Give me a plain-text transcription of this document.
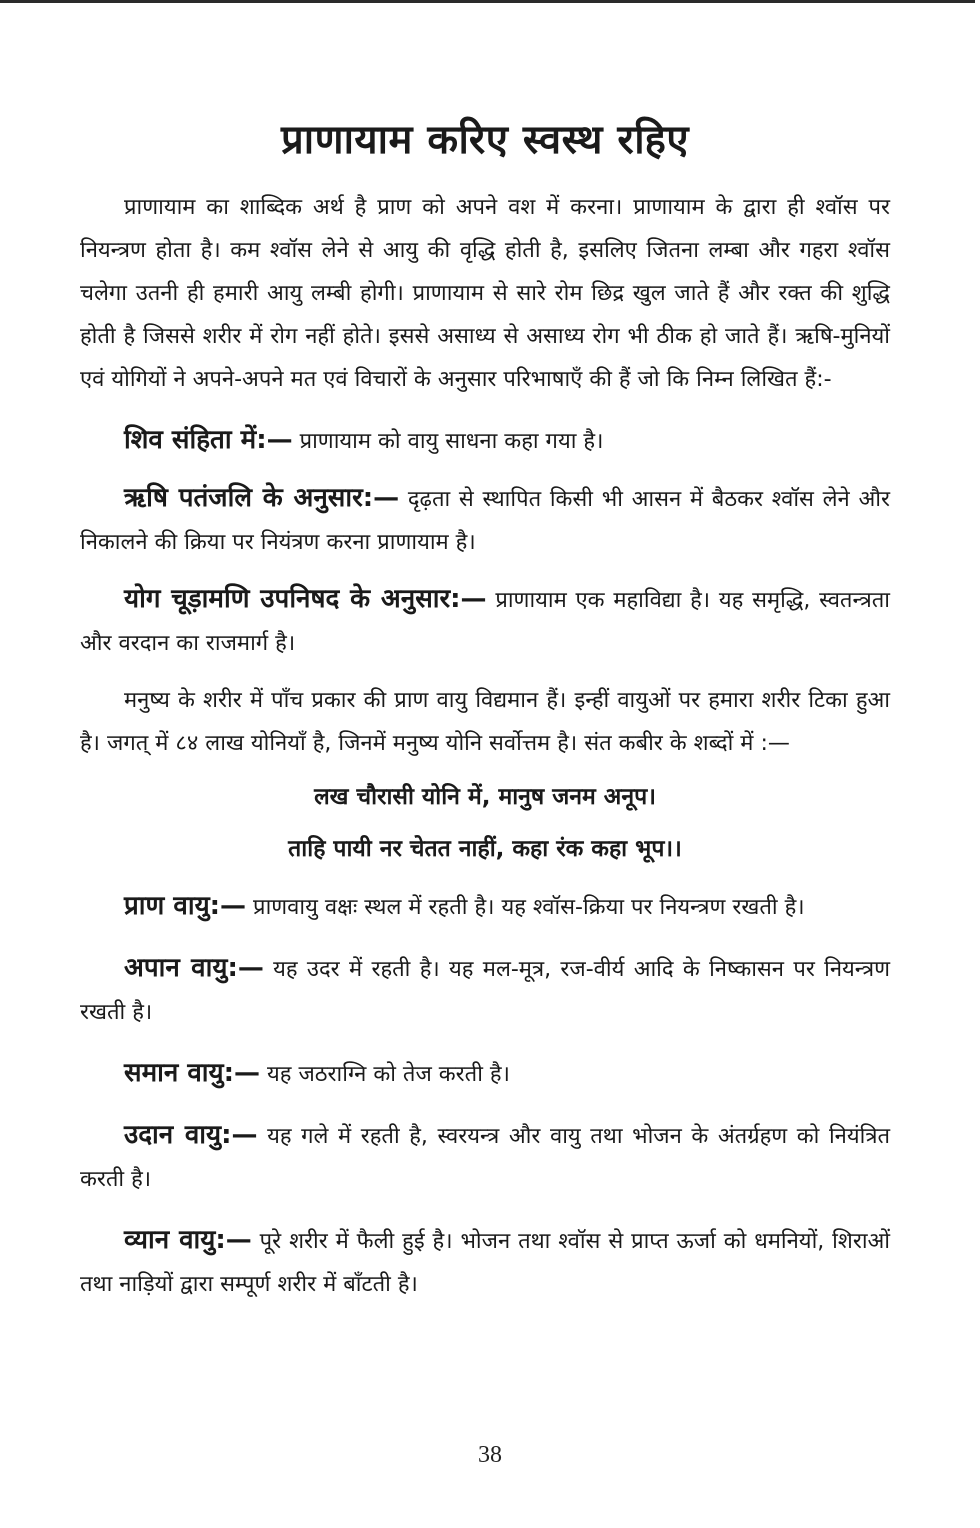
प्राणायाम करिए स्वस्थ रहिए

प्राणायाम का शाब्दिक अर्थ है प्राण को अपने वश में करना। प्राणायाम के द्वारा ही श्वॉस पर नियन्त्रण होता है। कम श्वॉस लेने से आयु की वृद्धि होती है, इसलिए जितना लम्बा और गहरा श्वॉस चलेगा उतनी ही हमारी आयु लम्बी होगी। प्राणायाम से सारे रोम छिद्र खुल जाते हैं और रक्त की शुद्धि होती है जिससे शरीर में रोग नहीं होते। इससे असाध्य से असाध्य रोग भी ठीक हो जाते हैं। ऋषि-मुनियों एवं योगियों ने अपने-अपने मत एवं विचारों के अनुसार परिभाषाएँ की हैं जो कि निम्न लिखित हैं:-

शिव संहिता में:— प्राणायाम को वायु साधना कहा गया है।

ऋषि पतंजलि के अनुसार:— दृढ़ता से स्थापित किसी भी आसन में बैठकर श्वॉस लेने और निकालने की क्रिया पर नियंत्रण करना प्राणायाम है।

योग चूड़ामणि उपनिषद के अनुसार:— प्राणायाम एक महाविद्या है। यह समृद्धि, स्वतन्त्रता और वरदान का राजमार्ग है।

मनुष्य के शरीर में पाँच प्रकार की प्राण वायु विद्यमान हैं। इन्हीं वायुओं पर हमारा शरीर टिका हुआ है। जगत् में ८४ लाख योनियाँ है, जिनमें मनुष्य योनि सर्वोत्तम है। संत कबीर के शब्दों में :—

लख चौरासी योनि में, मानुष जनम अनूप।

ताहि पायी नर चेतत नाहीं, कहा रंक कहा भूप।।

प्राण वायु:— प्राणवायु वक्षः स्थल में रहती है। यह श्वॉस-क्रिया पर नियन्त्रण रखती है।

अपान वायु:— यह उदर में रहती है। यह मल-मूत्र, रज-वीर्य आदि के निष्कासन पर नियन्त्रण रखती है।

समान वायु:— यह जठराग्नि को तेज करती है।

उदान वायु:— यह गले में रहती है, स्वरयन्त्र और वायु तथा भोजन के अंतर्ग्रहण को नियंत्रित करती है।

व्यान वायु:— पूरे शरीर में फैली हुई है। भोजन तथा श्वॉस से प्राप्त ऊर्जा को धमनियों, शिराओं तथा नाड़ियों द्वारा सम्पूर्ण शरीर में बाँटती है।

38
